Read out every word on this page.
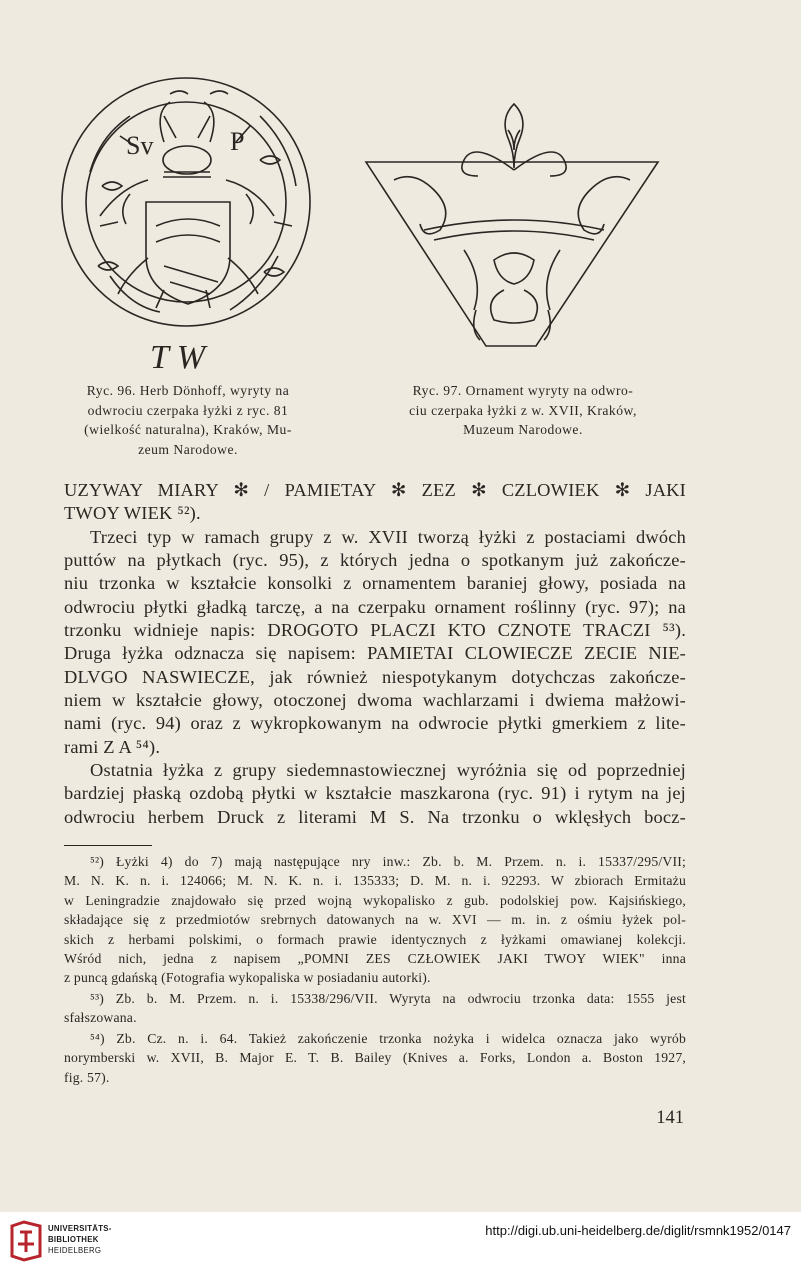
Sv	P
T W
Ryc. 96. Herb Dönhoff, wyryty na
odwrociu czerpaka łyżki z ryc. 81
(wielkość naturalna), Kraków, Mu-
zeum Narodowe.
Ryc. 97. Ornament wyryty na odwro-
ciu czerpaka łyżki z w. XVII, Kraków,
Muzeum Narodowe.
UZYWAY MIARY ✻ / PAMIETAY ✻ ZEZ ✻ CZLOWIEK ✻ JAKI
TWOY WIEK ⁵²).
Trzeci typ w ramach grupy z w. XVII tworzą łyżki z postaciami dwóch
puttów na płytkach (ryc. 95), z których jedna o spotkanym już zakończe-
niu trzonka w kształcie konsolki z ornamentem baraniej głowy, posiada na
odwrociu płytki gładką tarczę, a na czerpaku ornament roślinny (ryc. 97); na
trzonku widnieje napis: DROGOTO PLACZI KTO CZNOTE TRACZI ⁵³).
Druga łyżka odznacza się napisem: PAMIETAI CLOWIECZE ZECIE NIE-
DLVGO NASWIECZE, jak również niespotykanym dotychczas zakończe-
niem w kształcie głowy, otoczonej dwoma wachlarzami i dwiema małżowi-
nami (ryc. 94) oraz z wykropkowanym na odwrocie płytki gmerkiem z lite-
rami Z A ⁵⁴).
Ostatnia łyżka z grupy siedemnastowiecznej wyróżnia się od poprzedniej
bardziej płaską ozdobą płytki w kształcie maszkarona (ryc. 91) i rytym na jej
odwrociu herbem Druck z literami M S. Na trzonku o wklęsłych bocz-
⁵²) Łyżki 4) do 7) mają następujące nry inw.: Zb. b. M. Przem. n. i. 15337/295/VII;
M. N. K. n. i. 124066; M. N. K. n. i. 135333; D. M. n. i. 92293. W zbiorach Ermitażu
w Leningradzie znajdowało się przed wojną wykopalisko z gub. podolskiej pow. Kajsińskiego,
składające się z przedmiotów srebrnych datowanych na w. XVI — m. in. z ośmiu łyżek pol-
skich z herbami polskimi, o formach prawie identycznych z łyżkami omawianej kolekcji.
Wśród nich, jedna z napisem „POMNI ZES CZŁOWIEK JAKI TWOY WIEK" inna
z puncą gdańską (Fotografia wykopaliska w posiadaniu autorki).
⁵³) Zb. b. M. Przem. n. i. 15338/296/VII. Wyryta na odwrociu trzonka data: 1555 jest
sfałszowana.
⁵⁴) Zb. Cz. n. i. 64. Takież zakończenie trzonka nożyka i widelca oznacza jako wyrób
norymberski w. XVII, B. Major E. T. B. Bailey (Knives a. Forks, London a. Boston 1927,
fig. 57).
141
UNIVERSITÄTS-
BIBLIOTHEK
HEIDELBERG
http://digi.ub.uni-heidelberg.de/diglit/rsmnk1952/0147
